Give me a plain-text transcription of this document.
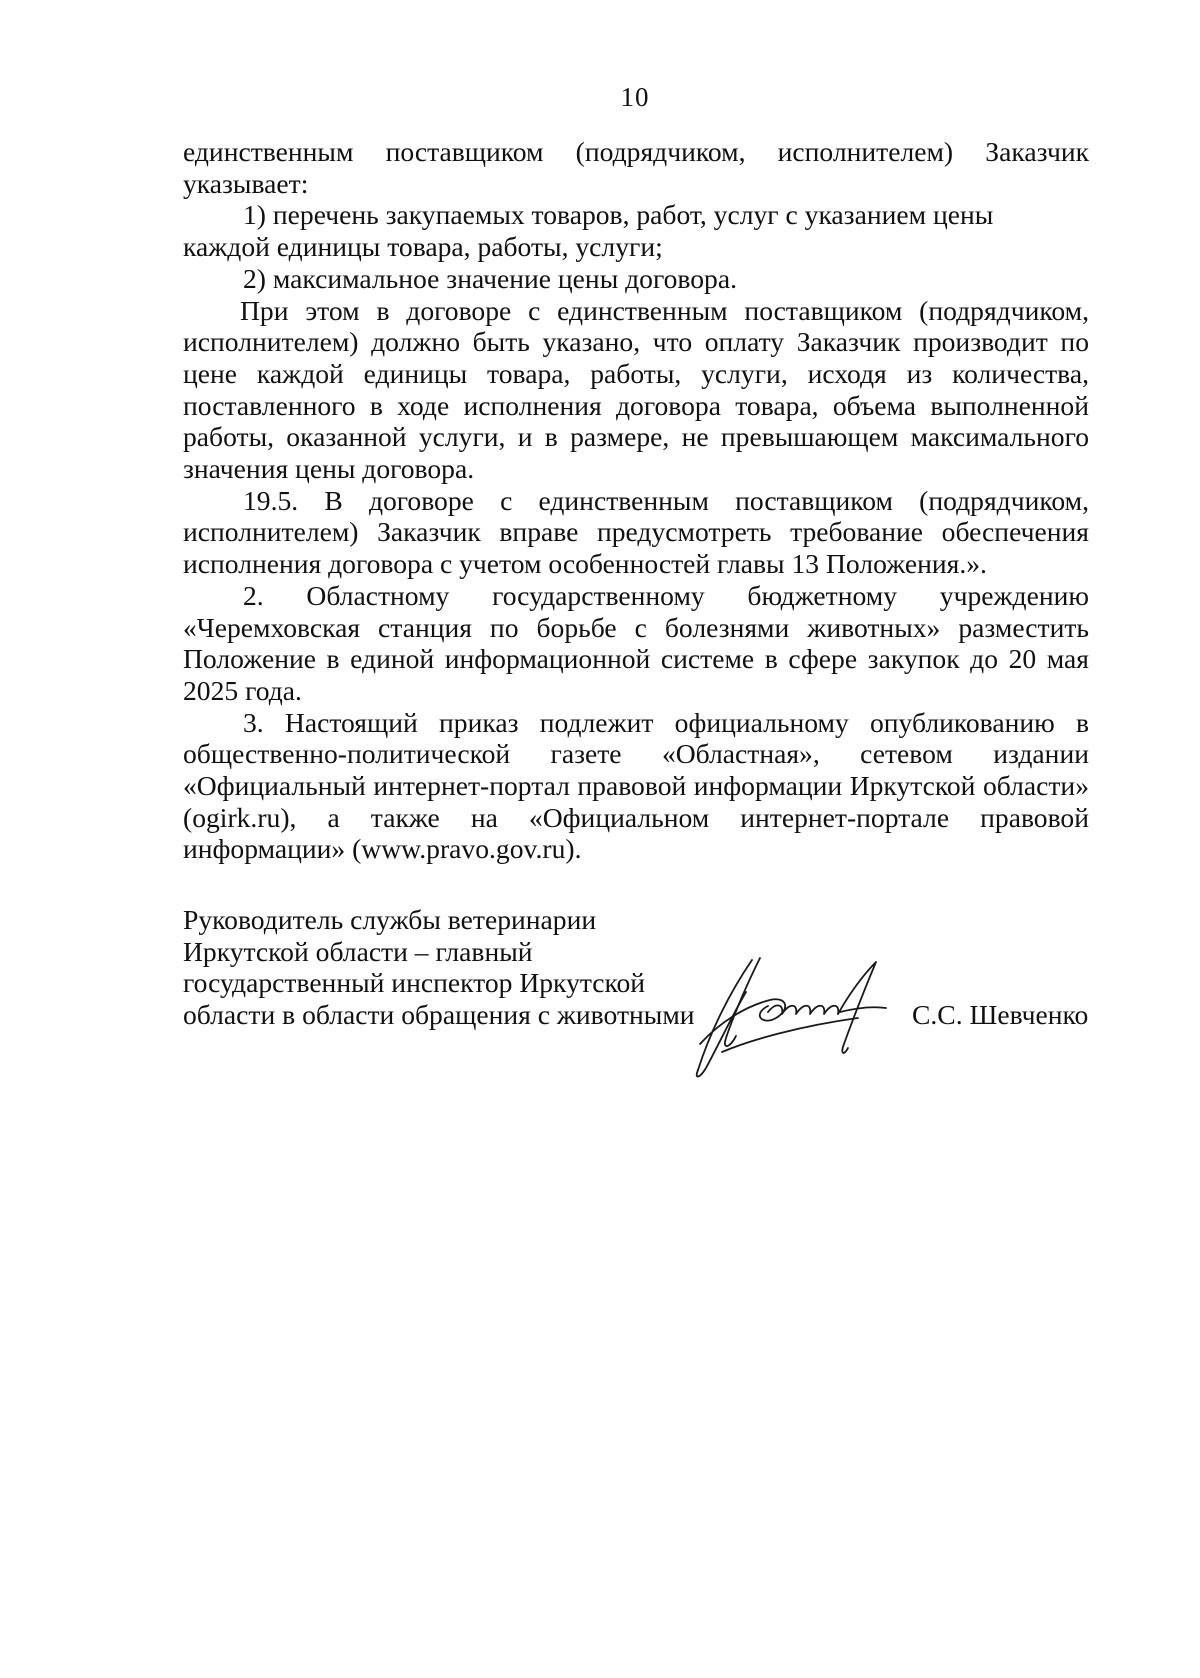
10

единственным поставщиком (подрядчиком, исполнителем) Заказчик указывает:

1) перечень закупаемых товаров, работ, услуг с указанием цены

каждой единицы товара, работы, услуги;

2) максимальное значение цены договора.

При этом в договоре с единственным поставщиком (подрядчиком, исполнителем) должно быть указано, что оплату Заказчик производит по цене каждой единицы товара, работы, услуги, исходя из количества, поставленного в ходе исполнения договора товара, объема выполненной работы, оказанной услуги, и в размере, не превышающем максимального значения цены договора.

19.5. В договоре с единственным поставщиком (подрядчиком, исполнителем) Заказчик вправе предусмотреть требование обеспечения исполнения договора с учетом особенностей главы 13 Положения.».

2. Областному государственному бюджетному учреждению «Черемховская станция по борьбе с болезнями животных» разместить Положение в единой информационной системе в сфере закупок до 20 мая 2025 года.

3. Настоящий приказ подлежит официальному опубликованию в общественно-политической газете «Областная», сетевом издании «Официальный интернет-портал правовой информации Иркутской области» (ogirk.ru), а также на «Официальном интернет-портале правовой информации» (www.pravo.gov.ru).

Руководитель службы ветеринарии
Иркутской области – главный
государственный инспектор Иркутской
области в области обращения с животными	С.С. Шевченко
